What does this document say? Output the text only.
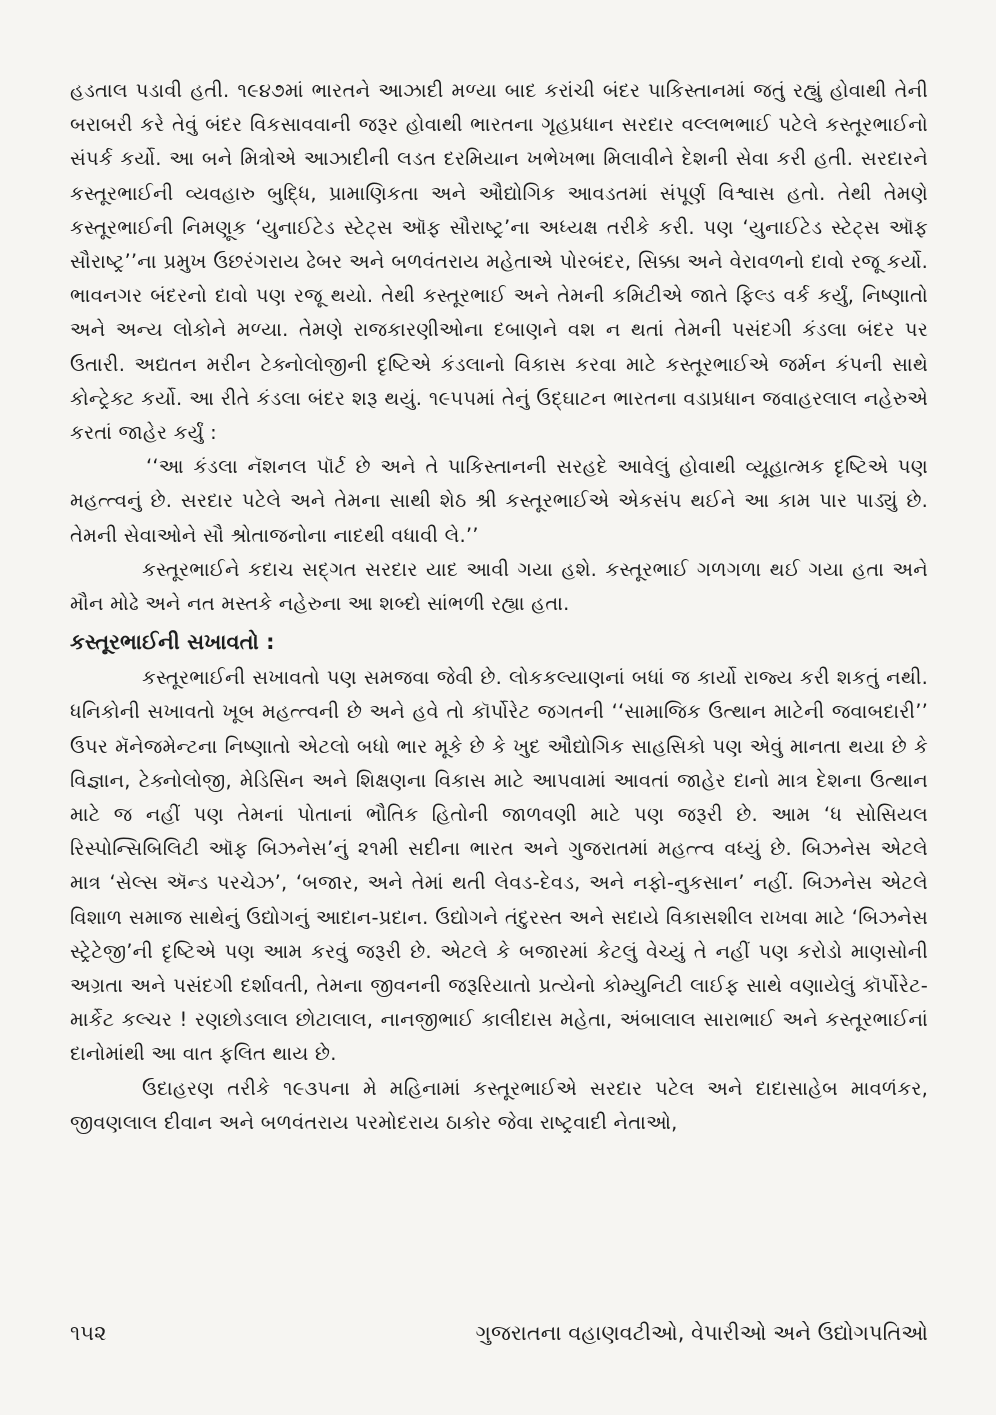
હડતાલ પડાવી હતી. ૧૯૪૭માં ભારતને આઝાદી મળ્યા બાદ કરાંચી બંદર પાકિસ્તાનમાં જતું રહ્યું હોવાથી તેની બરાબરી કરે તેવું બંદર વિકસાવવાની જરૂર હોવાથી ભારતના ગૃહપ્રધાન સરદાર વલ્લભભાઈ પટેલે કસ્તૂરભાઈનો સંપર્ક કર્યો. આ બને મિત્રોએ આઝાદીની લડત દરમિયાન ખભેખભા મિલાવીને દેશની સેવા કરી હતી. સરદારને કસ્તૂરભાઈની વ્યવહારુ બુદ્ધિ, પ્રામાણિકતા અને ઔદ્યોગિક આવડતમાં સંપૂર્ણ વિશ્વાસ હતો. તેથી તેમણે કસ્તૂરભાઈની નિમણૂક ‘યુનાઈટેડ સ્ટેટ્સ ઑફ સૌરાષ્ટ્ર’ના અધ્યક્ષ તરીકે કરી. પણ ‘યુનાઈટેડ સ્ટેટ્સ ઑફ સૌરાષ્ટ્ર’’ના પ્રમુખ ઉછરંગરાય ઢેબર અને બળવંતરાય મહેતાએ પોરબંદર, સિક્કા અને વેરાવળનો દાવો રજૂ કર્યો. ભાવનગર બંદરનો દાવો પણ રજૂ થયો. તેથી કસ્તૂરભાઈ અને તેમની કમિટીએ જાતે ફિલ્ડ વર્ક કર્યું, નિષ્ણાતો અને અન્ય લોકોને મળ્યા. તેમણે રાજકારણીઓના દબાણને વશ ન થતાં તેમની પસંદગી કંડલા બંદર પર ઉતારી. અદ્યતન મરીન ટેક્નોલોજીની દૃષ્ટિએ કંડલાનો વિકાસ કરવા માટે કસ્તૂરભાઈએ જર્મન કંપની સાથે કોન્ટ્રેક્ટ કર્યો. આ રીતે કંડલા બંદર શરૂ થયું. ૧૯૫૫માં તેનું ઉદ્‌ઘાટન ભારતના વડાપ્રધાન જવાહરલાલ નહેરુએ કરતાં જાહેર કર્યું :

‘‘આ કંડલા નૅશનલ પૉર્ટ છે અને તે પાકિસ્તાનની સરહદે આવેલું હોવાથી વ્યૂહાત્મક દૃષ્ટિએ પણ મહત્ત્વનું છે. સરદાર પટેલે અને તેમના સાથી શેઠ શ્રી કસ્તૂરભાઈએ એકસંપ થઈને આ કામ પાર પાડ્યું છે. તેમની સેવાઓને સૌ શ્રોતાજનોના નાદથી વધાવી લે.’’

કસ્તૂરભાઈને કદાચ સદ્‌ગત સરદાર યાદ આવી ગયા હશે. કસ્તૂરભાઈ ગળગળા થઈ ગયા હતા અને મૌન મોઢે અને નત મસ્તકે નહેરુના આ શબ્દો સાંભળી રહ્યા હતા.

કસ્તૂરભાઈની સખાવતો :

કસ્તૂરભાઈની સખાવતો પણ સમજવા જેવી છે. લોકકલ્યાણનાં બધાં જ કાર્યો રાજ્ય કરી શકતું નથી. ધનિકોની સખાવતો ખૂબ મહત્ત્વની છે અને હવે તો કૉર્પોરેટ જગતની ‘‘સામાજિક ઉત્થાન માટેની જવાબદારી’’ ઉપર મૅનેજમેન્ટના નિષ્ણાતો એટલો બધો ભાર મૂકે છે કે ખુદ ઔદ્યોગિક સાહસિકો પણ એવું માનતા થયા છે કે વિજ્ઞાન, ટેક્નોલોજી, મેડિસિન અને શિક્ષણના વિકાસ માટે આપવામાં આવતાં જાહેર દાનો માત્ર દેશના ઉત્થાન માટે જ નહીં પણ તેમનાં પોતાનાં ભૌતિક હિતોની જાળવણી માટે પણ જરૂરી છે. આમ ‘ધ સોસિયલ રિસ્પોન્સિબિલિટી ઑફ બિઝનેસ’નું ૨૧મી સદીના ભારત અને ગુજરાતમાં મહત્ત્વ વધ્યું છે. બિઝનેસ એટલે માત્ર ‘સેલ્સ ઍન્ડ પરચેઝ’, ‘બજાર, અને તેમાં થતી લેવડ-દેવડ, અને નફો-નુકસાન’ નહીં. બિઝનેસ એટલે વિશાળ સમાજ સાથેનું ઉદ્યોગનું આદાન-પ્રદાન. ઉદ્યોગને તંદુરસ્ત અને સદાયે વિકાસશીલ રાખવા માટે ‘બિઝનેસ સ્ટ્રેટેજી’ની દૃષ્ટિએ પણ આમ કરવું જરૂરી છે. એટલે કે બજારમાં કેટલું વેચ્યું તે નહીં પણ કરોડો માણસોની અગ્રતા અને પસંદગી દર્શાવતી, તેમના જીવનની જરૂરિયાતો પ્રત્યેનો કોમ્યુનિટી લાઈફ સાથે વણાયેલું કૉર્પોરેટ-માર્કેટ કલ્ચર ! રણછોડલાલ છોટાલાલ, નાનજીભાઈ કાલીદાસ મહેતા, અંબાલાલ સારાભાઈ અને કસ્તૂરભાઈનાં દાનોમાંથી આ વાત ફલિત થાય છે.

ઉદાહરણ તરીકે ૧૯૩૫ના મે મહિનામાં કસ્તૂરભાઈએ સરદાર પટેલ અને દાદાસાહેબ માવળંકર, જીવણલાલ દીવાન અને બળવંતરાય પરમોદરાય ઠાકોર જેવા રાષ્ટ્રવાદી નેતાઓ,

૧૫૨	ગુજરાતના વહાણવટીઓ, વેપારીઓ અને ઉદ્યોગપતિઓ
